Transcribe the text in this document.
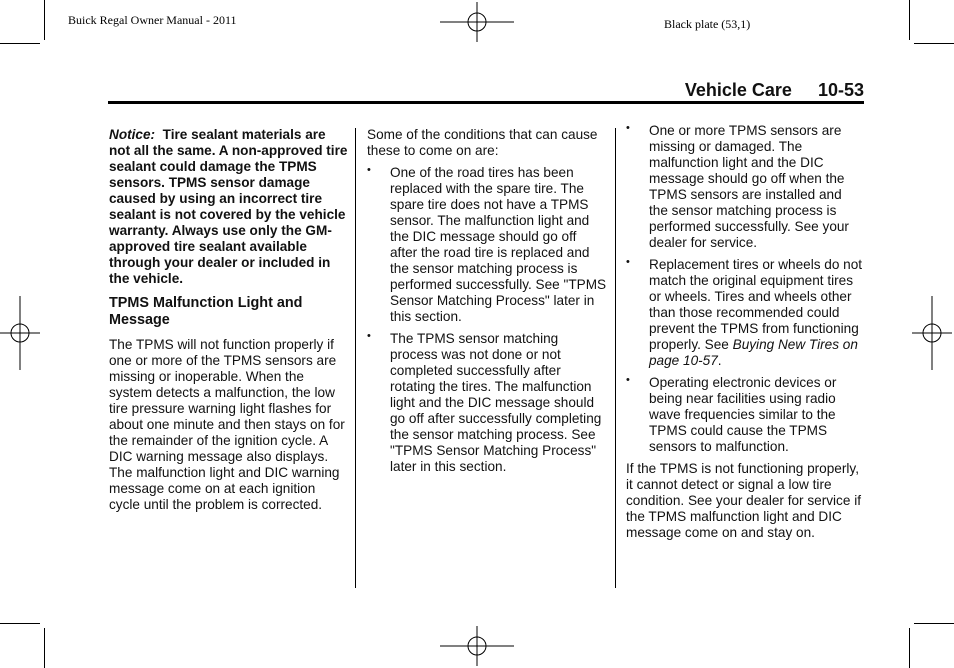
Buick Regal Owner Manual - 2011	Black plate (53,1)
Vehicle Care 10-53

Notice: Tire sealant materials are not all the same. A non-approved tire sealant could damage the TPMS sensors. TPMS sensor damage caused by using an incorrect tire sealant is not covered by the vehicle warranty. Always use only the GM-approved tire sealant available through your dealer or included in the vehicle.

TPMS Malfunction Light and Message

The TPMS will not function properly if one or more of the TPMS sensors are missing or inoperable. When the system detects a malfunction, the low tire pressure warning light flashes for about one minute and then stays on for the remainder of the ignition cycle. A DIC warning message also displays. The malfunction light and DIC warning message come on at each ignition cycle until the problem is corrected.

Some of the conditions that can cause these to come on are:

• One of the road tires has been replaced with the spare tire. The spare tire does not have a TPMS sensor. The malfunction light and the DIC message should go off after the road tire is replaced and the sensor matching process is performed successfully. See "TPMS Sensor Matching Process" later in this section.
• The TPMS sensor matching process was not done or not completed successfully after rotating the tires. The malfunction light and the DIC message should go off after successfully completing the sensor matching process. See "TPMS Sensor Matching Process" later in this section.
• One or more TPMS sensors are missing or damaged. The malfunction light and the DIC message should go off when the TPMS sensors are installed and the sensor matching process is performed successfully. See your dealer for service.
• Replacement tires or wheels do not match the original equipment tires or wheels. Tires and wheels other than those recommended could prevent the TPMS from functioning properly. See Buying New Tires on page 10-57.
• Operating electronic devices or being near facilities using radio wave frequencies similar to the TPMS could cause the TPMS sensors to malfunction.

If the TPMS is not functioning properly, it cannot detect or signal a low tire condition. See your dealer for service if the TPMS malfunction light and DIC message come on and stay on.
